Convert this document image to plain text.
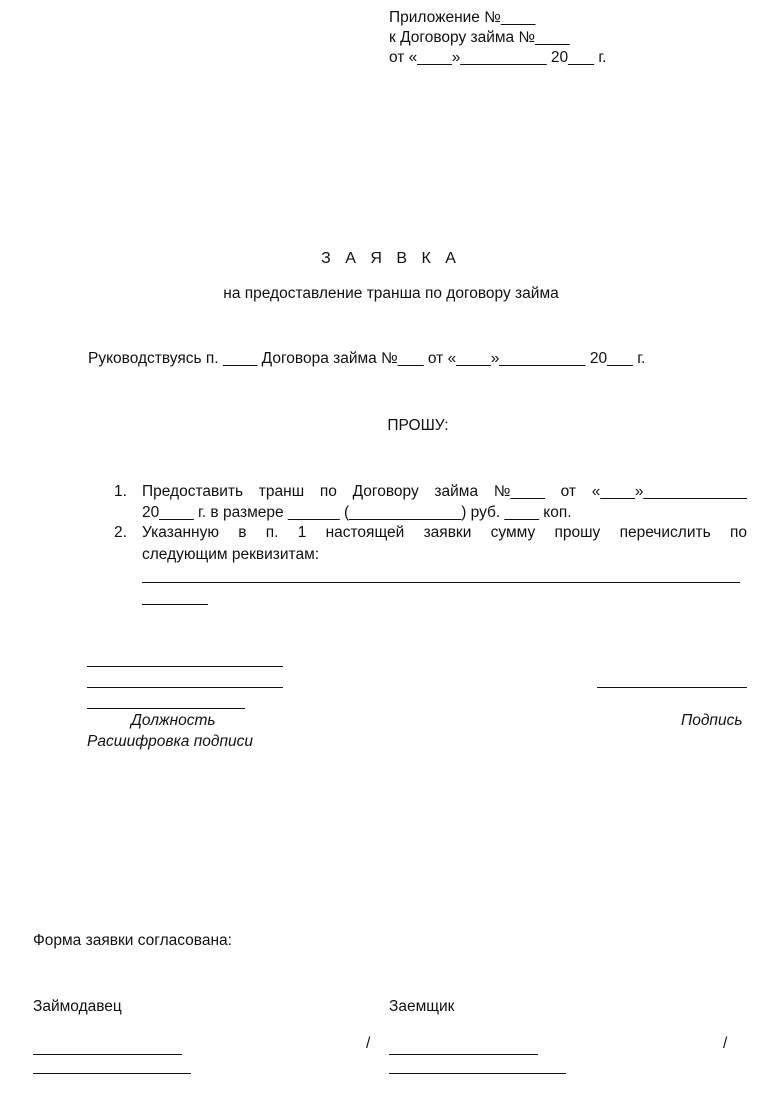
Приложение №____
к Договору займа №____
от «____»__________ 20___ г.
З А Я В К А
на предоставление транша по договору займа
Руководствуясь п. ____ Договора займа №___ от «____»__________ 20___ г.
ПРОШУ:
1. Предоставить транш по Договору займа №____ от «____»____________
20____ г. в размере ______ (_____________) руб. ____ коп.
2. Указанную в п. 1 настоящей заявки сумму прошу перечислить по
следующим реквизитам:
Должность
Расшифровка подписи
Подпись
Форма заявки согласована:
Займодавец	Заемщик
/	/
